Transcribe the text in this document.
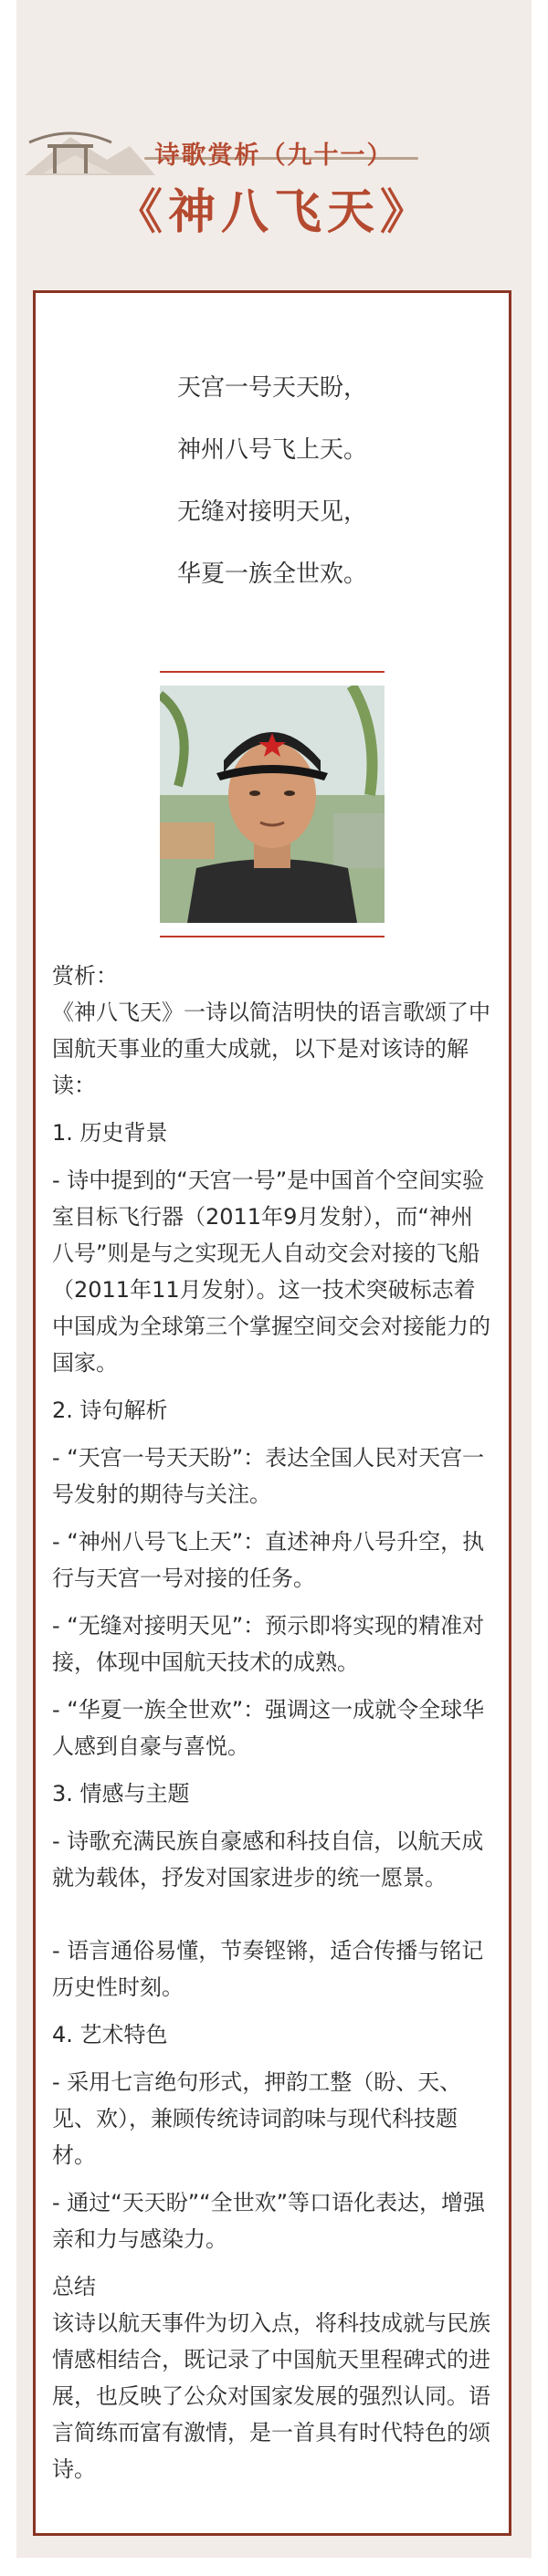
诗歌赏析（九十一）
《神八飞天》
天宫一号天天盼，
神州八号飞上天。
无缝对接明天见，
华夏一族全世欢。

赏析：

《神八飞天》一诗以简洁明快的语言歌颂了中国航天事业的重大成就，以下是对该诗的解读：

1. 历史背景

- 诗中提到的“天宫一号”是中国首个空间实验室目标飞行器（2011年9月发射），而“神州八号”则是与之实现无人自动交会对接的飞船（2011年11月发射）。这一技术突破标志着中国成为全球第三个掌握空间交会对接能力的国家。

2. 诗句解析

- “天宫一号天天盼”：表达全国人民对天宫一号发射的期待与关注。

- “神州八号飞上天”：直述神舟八号升空，执行与天宫一号对接的任务。

- “无缝对接明天见”：预示即将实现的精准对接，体现中国航天技术的成熟。

- “华夏一族全世欢”：强调这一成就令全球华人感到自豪与喜悦。

3. 情感与主题

- 诗歌充满民族自豪感和科技自信，以航天成就为载体，抒发对国家进步的统一愿景。

- 语言通俗易懂，节奏铿锵，适合传播与铭记历史性时刻。

4. 艺术特色

- 采用七言绝句形式，押韵工整（盼、天、见、欢），兼顾传统诗词韵味与现代科技题材。

- 通过“天天盼”“全世欢”等口语化表达，增强亲和力与感染力。

总结

该诗以航天事件为切入点，将科技成就与民族情感相结合，既记录了中国航天里程碑式的进展，也反映了公众对国家发展的强烈认同。语言简练而富有激情，是一首具有时代特色的颂诗。
